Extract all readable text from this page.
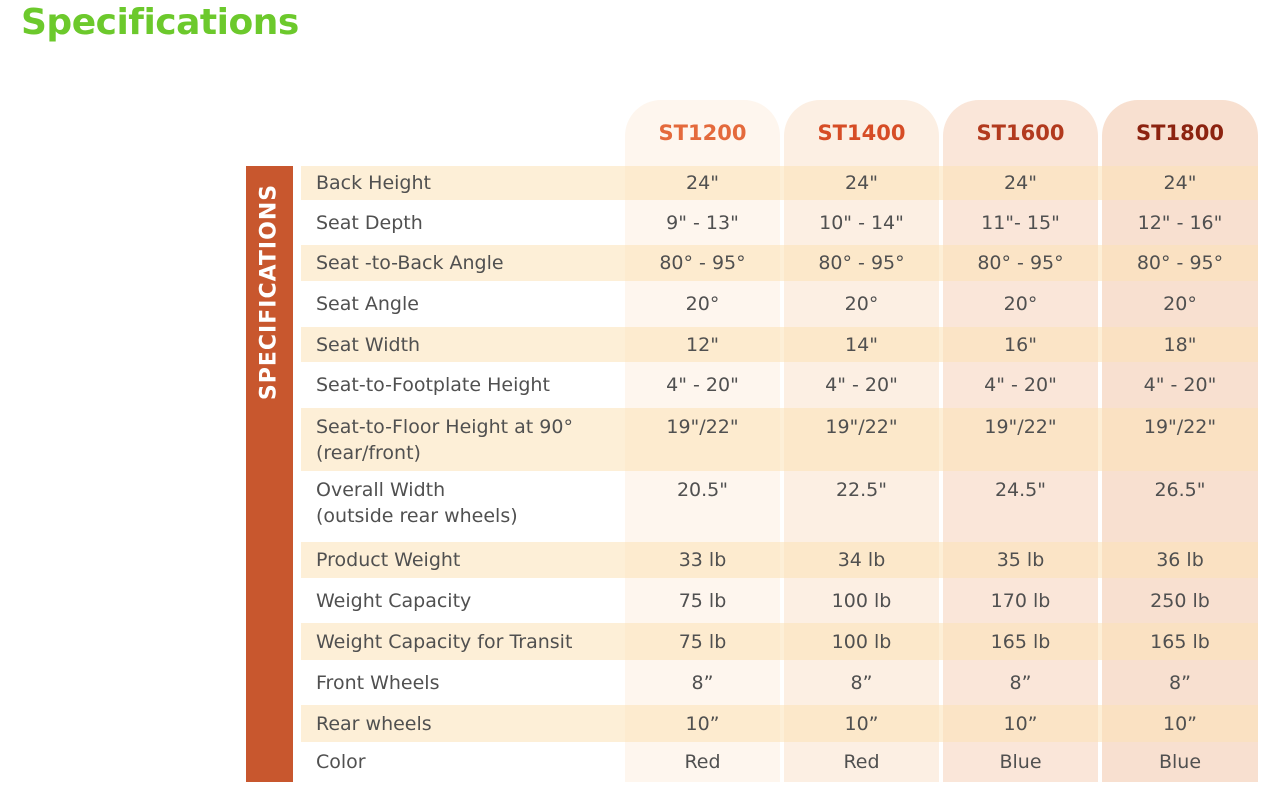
Specifications
Back Height	24"	24"	24"	24"
Seat Depth	9" - 13"	10" - 14"	11"- 15"	12" - 16"
Seat -to-Back Angle	80° - 95°	80° - 95°	80° - 95°	80° - 95°
Seat Angle	20°	20°	20°	20°
Seat Width	12"	14"	16"	18"
Seat-to-Footplate Height	4" - 20"	4" - 20"	4" - 20"	4" - 20"
Seat-to-Floor Height at 90°
(rear/front)
19"/22"	19"/22"	19"/22"	19"/22"
Overall Width
(outside rear wheels)
20.5"	22.5"	24.5"	26.5"
Product Weight	33 lb	34 lb	35 lb	36 lb
Weight Capacity	75 lb	100 lb	170 lb	250 lb
Weight Capacity for Transit	75 lb	100 lb	165 lb	165 lb
Front Wheels	8”	8”	8”	8”
Rear wheels	10”	10”	10”	10”
Color	Red	Red	Blue	Blue
ST1200	ST1400	ST1600	ST1800
SPECIFICATIONS
